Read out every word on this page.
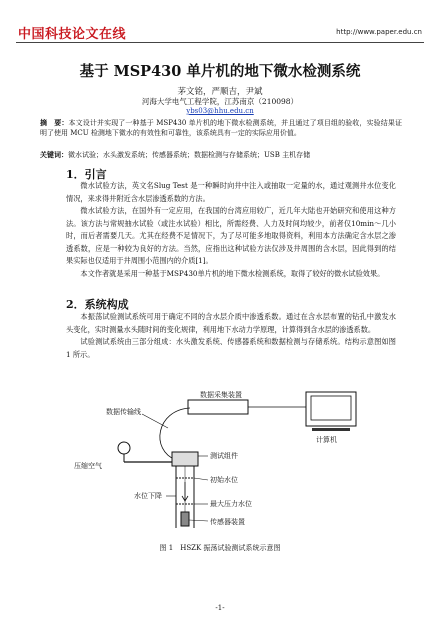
中国科技论文在线	http://www.paper.edu.cn
基于 MSP430 单片机的地下微水检测系统
茅文铭，严顺吉，尹斌
河海大学电气工程学院，江苏南京（210098）
ybs03@hhu.edu.cn
摘　要：本文设计并实现了一种基于 MSP430 单片机的地下微水检测系统，并且通过了项目组的验收，实验结果证明了使用 MCU 检测地下微水的有效性和可靠性，该系统具有一定的实际应用价值。
关键词：微水试验；水头激发系统；传感器系统；数据检测与存储系统；USB 主机存储
1．引言

微水试验方法，英文名Slug Test 是一种瞬时向井中注入或抽取一定量的水，通过观测井水位变化情况，来求得井附近含水层渗透系数的方法。

微水试验方法，在国外有一定应用，在我国的台湾应用较广，近几年大陆也开始研究和使用这种方法。该方法与常规抽水试验（或注水试验）相比，所需经费、人力及时间均较少，前者仅10min～几小时，而后者需要几天。尤其在经费不足情况下，为了尽可能多地取得资料，利用本方法确定含水层之渗透系数，应是一种较为良好的方法。当然，应指出这种试验方法仅涉及井周围的含水层，因此得到的结果实际也仅适用于井周围小范围内的介质[1]。

本文作者就是采用一种基于MSP430单片机的地下微水检测系统，取得了较好的微水试验效果。

2．系统构成

本振荡试验测试系统可用于确定不同的含水层介质中渗透系数。通过在含水层布置的钻孔中激发水头变化，实时测量水头随时间的变化规律，利用地下水动力学原理，计算得到含水层的渗透系数。

试验测试系统由三部分组成：水头激发系统、传感器系统和数据检测与存储系统。结构示意图如图 1 所示。

数据采集装置
计算机
数据传输线
压缩空气
测试组件
初始水位
水位下降
最大压力水位
传感器装置
图 1　HSZK 振荡试验测试系统示意图
-1-
